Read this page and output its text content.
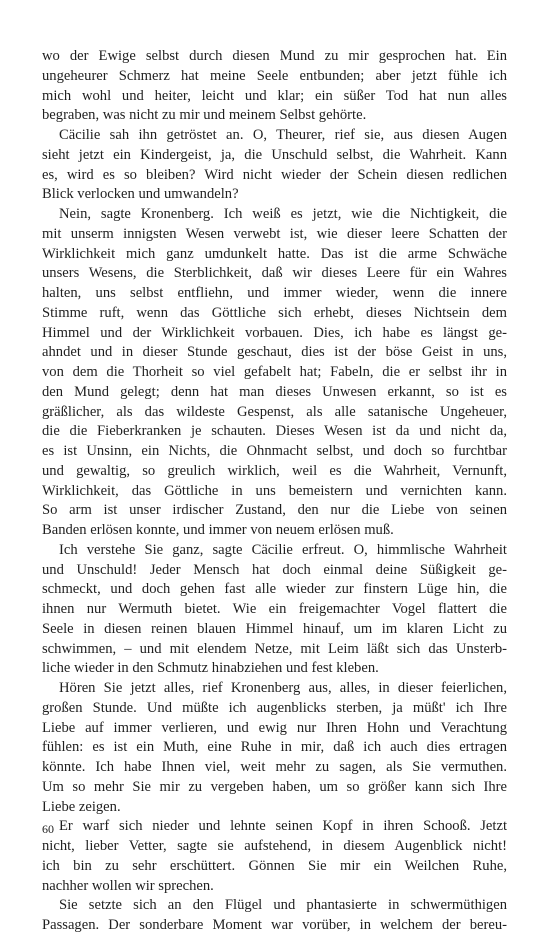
wo der Ewige selbst durch diesen Mund zu mir gesprochen hat. Ein
ungeheurer Schmerz hat meine Seele entbunden; aber jetzt fühle ich
mich wohl und heiter, leicht und klar; ein süßer Tod hat nun alles
begraben, was nicht zu mir und meinem Selbst gehörte.
Cäcilie sah ihn getröstet an. O, Theurer, rief sie, aus diesen Augen
sieht jetzt ein Kindergeist, ja, die Unschuld selbst, die Wahrheit. Kann
es, wird es so bleiben? Wird nicht wieder der Schein diesen redlichen
Blick verlocken und umwandeln?
Nein, sagte Kronenberg. Ich weiß es jetzt, wie die Nichtigkeit, die
mit unserm innigsten Wesen verwebt ist, wie dieser leere Schatten der
Wirklichkeit mich ganz umdunkelt hatte. Das ist die arme Schwäche
unsers Wesens, die Sterblichkeit, daß wir dieses Leere für ein Wahres
halten, uns selbst entfliehn, und immer wieder, wenn die innere
Stimme ruft, wenn das Göttliche sich erhebt, dieses Nichtsein dem
Himmel und der Wirklichkeit vorbauen. Dies, ich habe es längst ge-
ahndet und in dieser Stunde geschaut, dies ist der böse Geist in uns,
von dem die Thorheit so viel gefabelt hat; Fabeln, die er selbst ihr in
den Mund gelegt; denn hat man dieses Unwesen erkannt, so ist es
gräßlicher, als das wildeste Gespenst, als alle satanische Ungeheuer,
die die Fieberkranken je schauten. Dieses Wesen ist da und nicht da,
es ist Unsinn, ein Nichts, die Ohnmacht selbst, und doch so furchtbar
und gewaltig, so greulich wirklich, weil es die Wahrheit, Vernunft,
Wirklichkeit, das Göttliche in uns bemeistern und vernichten kann.
So arm ist unser irdischer Zustand, den nur die Liebe von seinen
Banden erlösen konnte, und immer von neuem erlösen muß.
Ich verstehe Sie ganz, sagte Cäcilie erfreut. O, himmlische Wahrheit
und Unschuld! Jeder Mensch hat doch einmal deine Süßigkeit ge-
schmeckt, und doch gehen fast alle wieder zur finstern Lüge hin, die
ihnen nur Wermuth bietet. Wie ein freigemachter Vogel flattert die
Seele in diesen reinen blauen Himmel hinauf, um im klaren Licht zu
schwimmen, – und mit elendem Netze, mit Leim läßt sich das Unsterb-
liche wieder in den Schmutz hinabziehen und fest kleben.
Hören Sie jetzt alles, rief Kronenberg aus, alles, in dieser feierlichen,
großen Stunde. Und müßte ich augenblicks sterben, ja müßt' ich Ihre
Liebe auf immer verlieren, und ewig nur Ihren Hohn und Verachtung
fühlen: es ist ein Muth, eine Ruhe in mir, daß ich auch dies ertragen
könnte. Ich habe Ihnen viel, weit mehr zu sagen, als Sie vermuthen.
Um so mehr Sie mir zu vergeben haben, um so größer kann sich Ihre
Liebe zeigen.
Er warf sich nieder und lehnte seinen Kopf in ihren Schooß. Jetzt
nicht, lieber Vetter, sagte sie aufstehend, in diesem Augenblick nicht!
ich bin zu sehr erschüttert. Gönnen Sie mir ein Weilchen Ruhe,
nachher wollen wir sprechen.
Sie setzte sich an den Flügel und phantasierte in schwermüthigen
Passagen. Der sonderbare Moment war vorüber, in welchem der bereu-
60
